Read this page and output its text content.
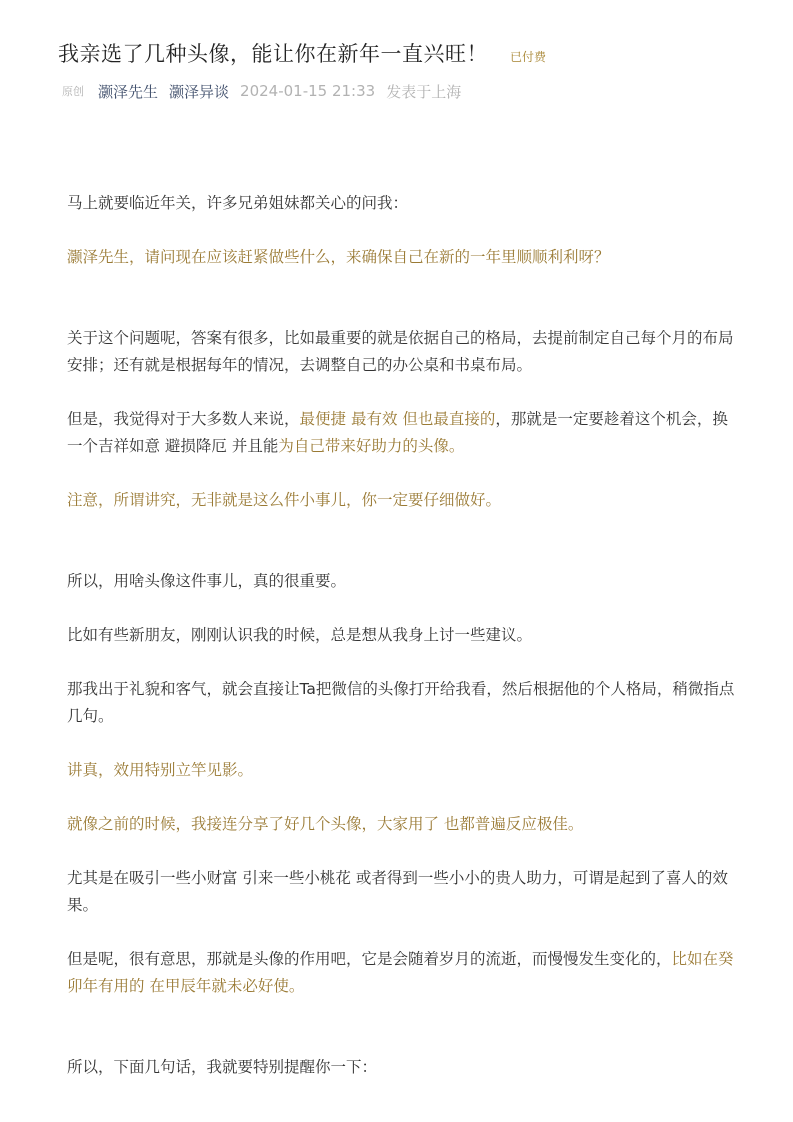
我亲选了几种头像，能让你在新年一直兴旺！ 已付费
原创 灏泽先生 灏泽异谈 2024-01-15 21:33 发表于上海

马上就要临近年关，许多兄弟姐妹都关心的问我：

灏泽先生，请问现在应该赶紧做些什么，来确保自己在新的一年里顺顺利利呀？

关于这个问题呢，答案有很多，比如最重要的就是依据自己的格局，去提前制定自己每个月的布局安排；还有就是根据每年的情况，去调整自己的办公桌和书桌布局。

但是，我觉得对于大多数人来说，最便捷 最有效 但也最直接的，那就是一定要趁着这个机会，换一个吉祥如意 避损降厄 并且能为自己带来好助力的头像。

注意，所谓讲究，无非就是这么件小事儿，你一定要仔细做好。

所以，用啥头像这件事儿，真的很重要。

比如有些新朋友，刚刚认识我的时候，总是想从我身上讨一些建议。

那我出于礼貌和客气，就会直接让Ta把微信的头像打开给我看，然后根据他的个人格局，稍微指点几句。

讲真，效用特别立竿见影。

就像之前的时候，我接连分享了好几个头像，大家用了 也都普遍反应极佳。

尤其是在吸引一些小财富 引来一些小桃花 或者得到一些小小的贵人助力，可谓是起到了喜人的效果。

但是呢，很有意思，那就是头像的作用吧，它是会随着岁月的流逝，而慢慢发生变化的，比如在癸卯年有用的 在甲辰年就未必好使。

所以，下面几句话，我就要特别提醒你一下：
